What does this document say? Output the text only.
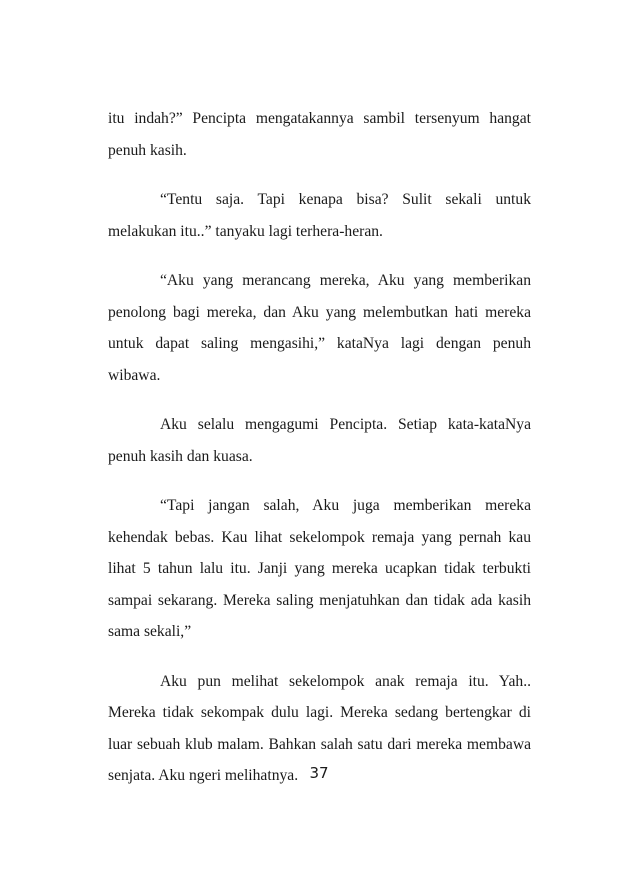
itu indah?” Pencipta mengatakannya sambil tersenyum hangat penuh kasih.

“Tentu saja. Tapi kenapa bisa? Sulit sekali untuk melakukan itu..” tanyaku lagi terhera-heran.

“Aku yang merancang mereka, Aku yang memberikan penolong bagi mereka, dan Aku yang melembutkan hati mereka untuk dapat saling mengasihi,” kataNya lagi dengan penuh wibawa.

Aku selalu mengagumi Pencipta. Setiap kata-kataNya penuh kasih dan kuasa.

“Tapi jangan salah, Aku juga memberikan mereka kehendak bebas. Kau lihat sekelompok remaja yang pernah kau lihat 5 tahun lalu itu. Janji yang mereka ucapkan tidak terbukti sampai sekarang. Mereka saling menjatuhkan dan tidak ada kasih sama sekali,”

Aku pun melihat sekelompok anak remaja itu. Yah.. Mereka tidak sekompak dulu lagi. Mereka sedang bertengkar di luar sebuah klub malam. Bahkan salah satu dari mereka membawa senjata. Aku ngeri melihatnya. 37
